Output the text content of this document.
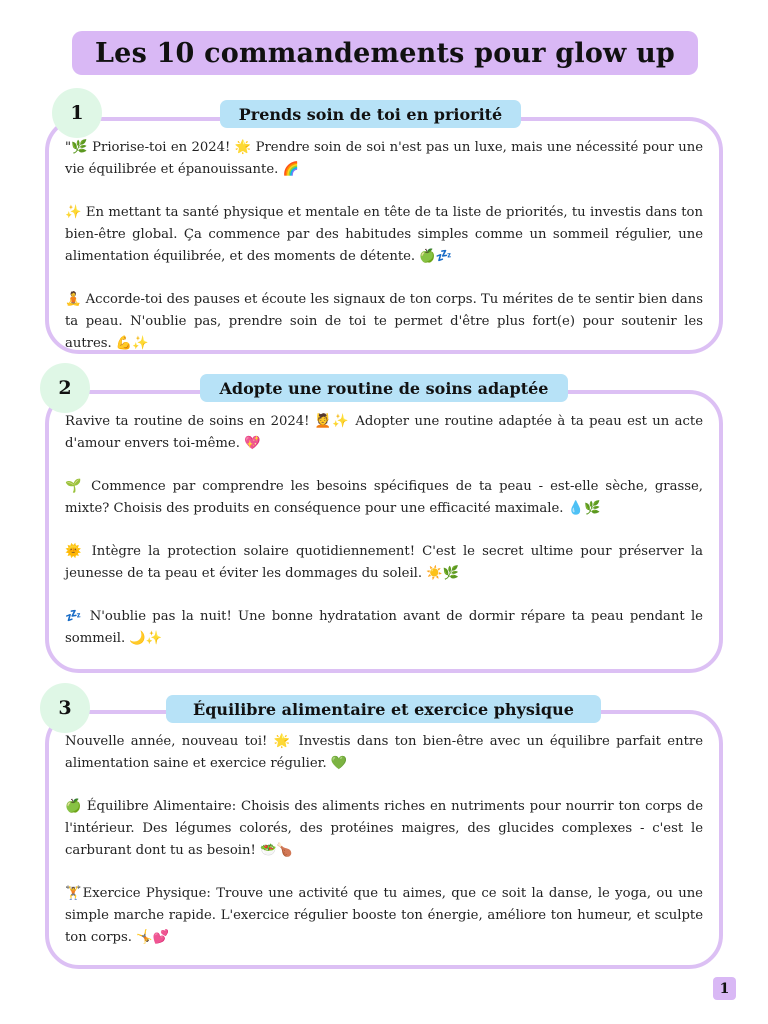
Les 10 commandements pour glow up
1	Prends soin de toi en priorité

"🌿 Priorise-toi en 2024! 🌟 Prendre soin de soi n'est pas un luxe, mais une nécessité pour une vie équilibrée et épanouissante. 🌈

✨ En mettant ta santé physique et mentale en tête de ta liste de priorités, tu investis dans ton bien-être global. Ça commence par des habitudes simples comme un sommeil régulier, une alimentation équilibrée, et des moments de détente. 🍏💤

🧘 Accorde-toi des pauses et écoute les signaux de ton corps. Tu mérites de te sentir bien dans ta peau. N'oublie pas, prendre soin de toi te permet d'être plus fort(e) pour soutenir les autres. 💪✨

2	Adopte une routine de soins adaptée

Ravive ta routine de soins en 2024! 💆✨ Adopter une routine adaptée à ta peau est un acte d'amour envers toi-même. 💖

🌱 Commence par comprendre les besoins spécifiques de ta peau - est-elle sèche, grasse, mixte? Choisis des produits en conséquence pour une efficacité maximale. 💧🌿

🌞 Intègre la protection solaire quotidiennement! C'est le secret ultime pour préserver la jeunesse de ta peau et éviter les dommages du soleil. ☀️🌿

💤 N'oublie pas la nuit! Une bonne hydratation avant de dormir répare ta peau pendant le sommeil. 🌙✨

3	Équilibre alimentaire et exercice physique

Nouvelle année, nouveau toi! 🌟 Investis dans ton bien-être avec un équilibre parfait entre alimentation saine et exercice régulier. 💚

🍏 Équilibre Alimentaire: Choisis des aliments riches en nutriments pour nourrir ton corps de l'intérieur. Des légumes colorés, des protéines maigres, des glucides complexes - c'est le carburant dont tu as besoin! 🥗🍗

🏋️Exercice Physique: Trouve une activité que tu aimes, que ce soit la danse, le yoga, ou une simple marche rapide. L'exercice régulier booste ton énergie, améliore ton humeur, et sculpte ton corps. 🤸💕

1
